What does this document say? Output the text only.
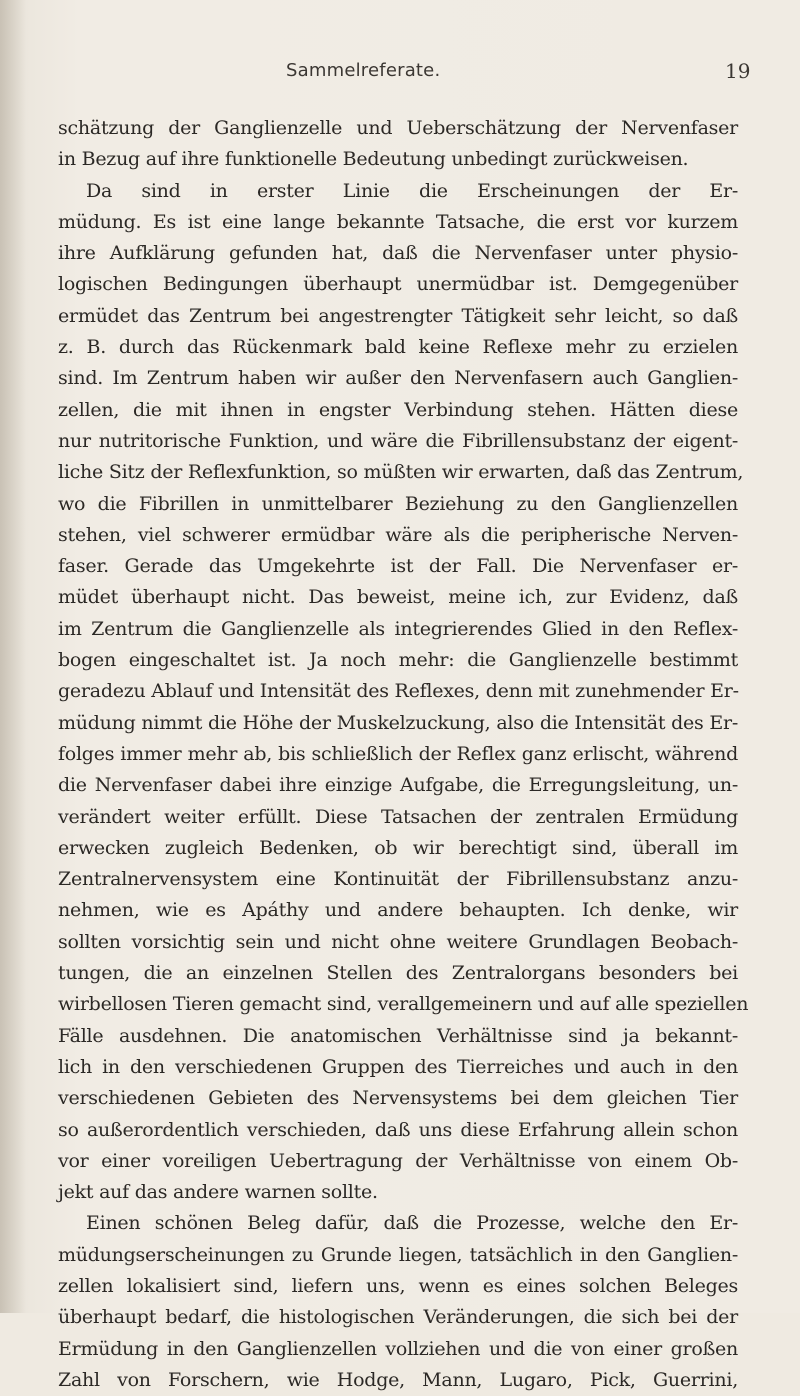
Sammelreferate.	19
schätzung der Ganglienzelle und Ueberschätzung der Nervenfaser
in Bezug auf ihre funktionelle Bedeutung unbedingt zurückweisen.
Da sind in erster Linie die Erscheinungen der Er-
müdung. Es ist eine lange bekannte Tatsache, die erst vor kurzem
ihre Aufklärung gefunden hat, daß die Nervenfaser unter physio-
logischen Bedingungen überhaupt unermüdbar ist. Demgegenüber
ermüdet das Zentrum bei angestrengter Tätigkeit sehr leicht, so daß
z. B. durch das Rückenmark bald keine Reflexe mehr zu erzielen
sind. Im Zentrum haben wir außer den Nervenfasern auch Ganglien-
zellen, die mit ihnen in engster Verbindung stehen. Hätten diese
nur nutritorische Funktion, und wäre die Fibrillensubstanz der eigent-
liche Sitz der Reflexfunktion, so müßten wir erwarten, daß das Zentrum,
wo die Fibrillen in unmittelbarer Beziehung zu den Ganglienzellen
stehen, viel schwerer ermüdbar wäre als die peripherische Nerven-
faser. Gerade das Umgekehrte ist der Fall. Die Nervenfaser er-
müdet überhaupt nicht. Das beweist, meine ich, zur Evidenz, daß
im Zentrum die Ganglienzelle als integrierendes Glied in den Reflex-
bogen eingeschaltet ist. Ja noch mehr: die Ganglienzelle bestimmt
geradezu Ablauf und Intensität des Reflexes, denn mit zunehmender Er-
müdung nimmt die Höhe der Muskelzuckung, also die Intensität des Er-
folges immer mehr ab, bis schließlich der Reflex ganz erlischt, während
die Nervenfaser dabei ihre einzige Aufgabe, die Erregungsleitung, un-
verändert weiter erfüllt. Diese Tatsachen der zentralen Ermüdung
erwecken zugleich Bedenken, ob wir berechtigt sind, überall im
Zentralnervensystem eine Kontinuität der Fibrillensubstanz anzu-
nehmen, wie es Apáthy und andere behaupten. Ich denke, wir
sollten vorsichtig sein und nicht ohne weitere Grundlagen Beobach-
tungen, die an einzelnen Stellen des Zentralorgans besonders bei
wirbellosen Tieren gemacht sind, verallgemeinern und auf alle speziellen
Fälle ausdehnen. Die anatomischen Verhältnisse sind ja bekannt-
lich in den verschiedenen Gruppen des Tierreiches und auch in den
verschiedenen Gebieten des Nervensystems bei dem gleichen Tier
so außerordentlich verschieden, daß uns diese Erfahrung allein schon
vor einer voreiligen Uebertragung der Verhältnisse von einem Ob-
jekt auf das andere warnen sollte.
Einen schönen Beleg dafür, daß die Prozesse, welche den Er-
müdungserscheinungen zu Grunde liegen, tatsächlich in den Ganglien-
zellen lokalisiert sind, liefern uns, wenn es eines solchen Beleges
überhaupt bedarf, die histologischen Veränderungen, die sich bei der
Ermüdung in den Ganglienzellen vollziehen und die von einer großen
Zahl von Forschern, wie Hodge, Mann, Lugaro, Pick, Guerrini,
